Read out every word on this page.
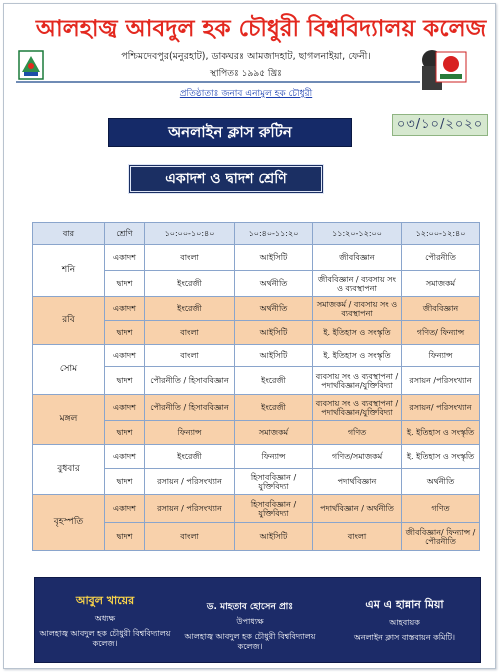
আলহাজ্ব আবদুল হক চৌধুরী বিশ্ববিদ্যালয় কলেজ
পশ্চিমদেবপুর(মনুরহাট), ডাকঘরঃ আমজাদহাট, ছাগলনাইয়া, ফেনী।
স্থাপিতঃ ১৯৯৫ খ্রিঃ
প্রতিষ্ঠাতাঃ জনাব এনামুল হক চৌধুরী
অনলাইন ক্লাস রুটিন	০৩/১০/২০২০
একাদশ ও দ্বাদশ শ্রেণি
বার	শ্রেণি	১০:০০-১০:৪০	১০:৪০-১১:২০	১১:২০-১২:০০	১২:০০-১২:৪০
শনি	একাদশ	বাংলা	আইসিটি	জীববিজ্ঞান	পৌরনীতি
	দ্বাদশ	ইংরেজী	অর্থনীতি	জীববিজ্ঞান / ব্যবসায় সং ও ব্যবস্থাপনা	সমাজকর্ম
রবি	একাদশ	ইংরেজী	অর্থনীতি	সমাজকর্ম / ব্যবসায় সং ও ব্যবস্থাপনা	জীববিজ্ঞান
	দ্বাদশ	বাংলা	আইসিটি	ই. ইতিহাস ও সংস্কৃতি	গণিত/ ফিন্যান্স
সোম	একাদশ	বাংলা	আইসিটি	ই. ইতিহাস ও সংস্কৃতি	ফিন্যান্স
	দ্বাদশ	পৌরনীতি / হিসাববিজ্ঞান	ইংরেজী	ব্যবসায় সং ও ব্যবস্থাপনা / পদার্থবিজ্ঞান/যুক্তিবিদ্যা	রসায়ন /পরিসংখ্যান
মঙ্গল	একাদশ	পৌরনীতি / হিসাববিজ্ঞান	ইংরেজী	ব্যবসায় সং ও ব্যবস্থাপনা / পদার্থবিজ্ঞান/যুক্তিবিদ্যা	রসায়ন/ পরিসংখ্যান
	দ্বাদশ	ফিন্যান্স	সমাজকর্ম	গণিত	ই. ইতিহাস ও সংস্কৃতি
বুধবার	একাদশ	ইংরেজী	ফিন্যান্স	গণিত/সমাজকর্ম	ই. ইতিহাস ও সংস্কৃতি
	দ্বাদশ	রসায়ন / পরিসংখ্যান	হিসাববিজ্ঞান / যুক্তিবিদ্যা	পদার্থবিজ্ঞান	অর্থনীতি
বৃহস্পতি	একাদশ	রসায়ন / পরিসংখ্যান	হিসাববিজ্ঞান / যুক্তিবিদ্যা	পদার্থবিজ্ঞান / অর্থনীতি	গণিত
	দ্বাদশ	বাংলা	আইসিটি	বাংলা	জীববিজ্ঞান/ ফিন্যান্স / পৌরনীতি
আবুল খায়ের
অধ্যক্ষ
আলহাজ্ব আবদুল হক চৌধুরী বিশ্ববিদ্যালয় কলেজ।
ড. মাহতাব হোসেন প্রাঃ
উপাধ্যক্ষ
আলহাজ্ব আবদুল হক চৌধুরী বিশ্ববিদ্যালয় কলেজ।
এম এ হান্নান মিয়া
আহবায়ক
অনলাইন ক্লাস বাস্তবায়ন কমিটি।
